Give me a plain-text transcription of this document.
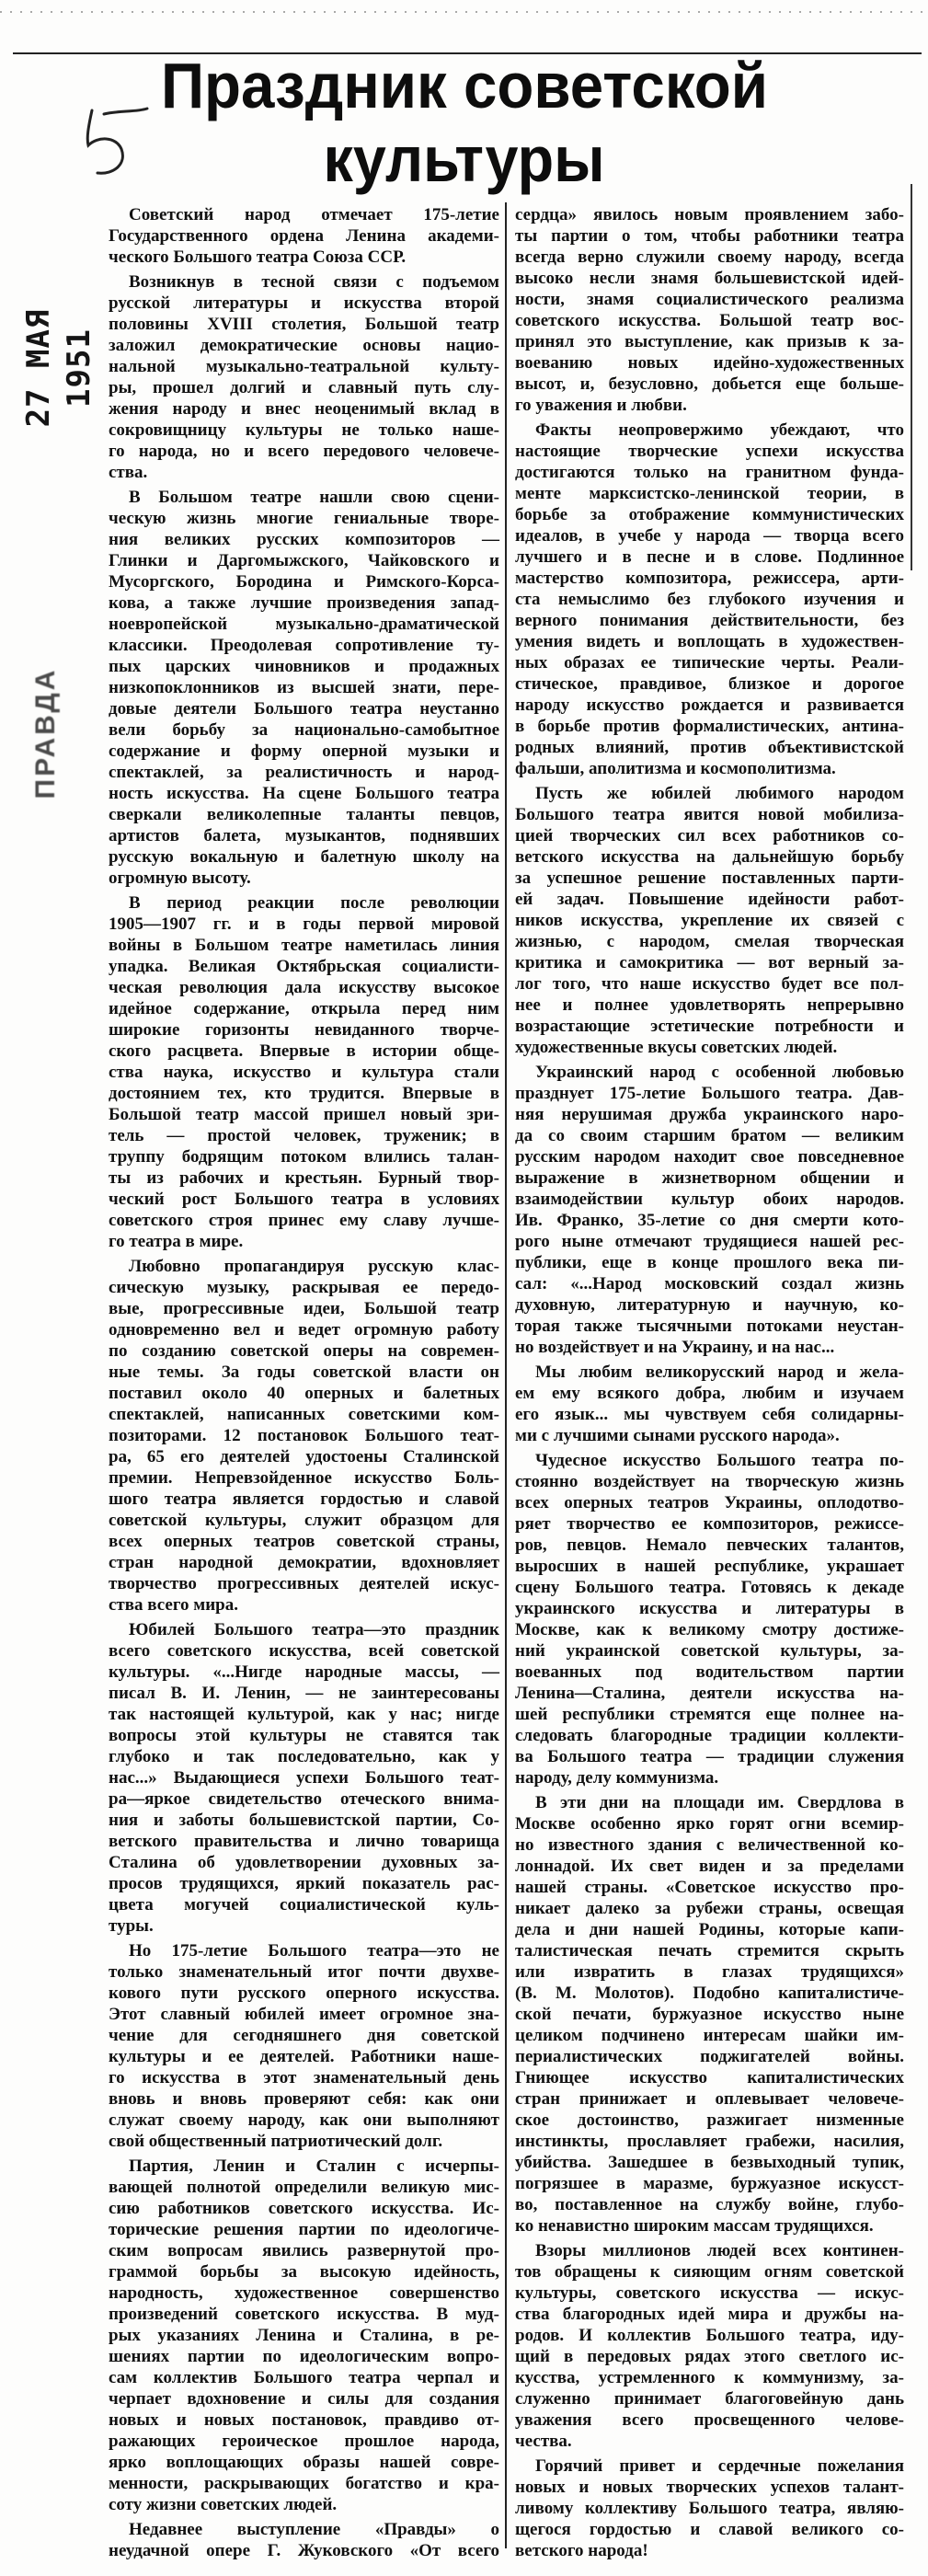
27 МАЯ 1951
ПРАВДА
Праздник советской
культуры
Советский народ отмечает 175-летие
Государственного ордена Ленина академи-
ческого Большого театра Союза ССР.
Возникнув в тесной связи с подъемом
русской литературы и искусства второй
половины XVIII столетия, Большой театр
заложил демократические основы нацио-
нальной музыкально-театральной культу-
ры, прошел долгий и славный путь слу-
жения народу и внес неоценимый вклад в
сокровищницу культуры не только наше-
го народа, но и всего передового человече-
ства.
В Большом театре нашли свою сцени-
ческую жизнь многие гениальные творе-
ния великих русских композиторов —
Глинки и Даргомыжского, Чайковского и
Мусоргского, Бородина и Римского-Корса-
кова, а также лучшие произведения запад-
ноевропейской музыкально-драматической
классики. Преодолевая сопротивление ту-
пых царских чиновников и продажных
низкопоклонников из высшей знати, пере-
довые деятели Большого театра неустанно
вели борьбу за национально-самобытное
содержание и форму оперной музыки и
спектаклей, за реалистичность и народ-
ность искусства. На сцене Большого театра
сверкали великолепные таланты певцов,
артистов балета, музыкантов, поднявших
русскую вокальную и балетную школу на
огромную высоту.
В период реакции после революции
1905—1907 гг. и в годы первой мировой
войны в Большом театре наметилась линия
упадка. Великая Октябрьская социалисти-
ческая революция дала искусству высокое
идейное содержание, открыла перед ним
широкие горизонты невиданного творче-
ского расцвета. Впервые в истории обще-
ства наука, искусство и культура стали
достоянием тех, кто трудится. Впервые в
Большой театр массой пришел новый зри-
тель — простой человек, труженик; в
труппу бодрящим потоком влились талан-
ты из рабочих и крестьян. Бурный твор-
ческий рост Большого театра в условиях
советского строя принес ему славу лучше-
го театра в мире.
Любовно пропагандируя русскую клас-
сическую музыку, раскрывая ее передо-
вые, прогрессивные идеи, Большой театр
одновременно вел и ведет огромную работу
по созданию советской оперы на современ-
ные темы. За годы советской власти он
поставил около 40 оперных и балетных
спектаклей, написанных советскими ком-
позиторами. 12 постановок Большого теат-
ра, 65 его деятелей удостоены Сталинской
премии. Непревзойденное искусство Боль-
шого театра является гордостью и славой
советской культуры, служит образцом для
всех оперных театров советской страны,
стран народной демократии, вдохновляет
творчество прогрессивных деятелей искус-
ства всего мира.
Юбилей Большого театра—это праздник
всего советского искусства, всей советской
культуры. «...Нигде народные массы, —
писал В. И. Ленин, — не заинтересованы
так настоящей культурой, как у нас; нигде
вопросы этой культуры не ставятся так
глубоко и так последовательно, как у
нас...» Выдающиеся успехи Большого теат-
ра—яркое свидетельство отеческого внима-
ния и заботы большевистской партии, Со-
ветского правительства и лично товарища
Сталина об удовлетворении духовных за-
просов трудящихся, яркий показатель рас-
цвета могучей социалистической куль-
туры.
Но 175-летие Большого театра—это не
только знаменательный итог почти двухве-
кового пути русского оперного искусства.
Этот славный юбилей имеет огромное зна-
чение для сегодняшнего дня советской
культуры и ее деятелей. Работники наше-
го искусства в этот знаменательный день
вновь и вновь проверяют себя: как они
служат своему народу, как они выполняют
свой общественный патриотический долг.
Партия, Ленин и Сталин с исчерпы-
вающей полнотой определили великую мис-
сию работников советского искусства. Ис-
торические решения партии по идеологиче-
ским вопросам явились развернутой про-
граммой борьбы за высокую идейность,
народность, художественное совершенство
произведений советского искусства. В муд-
рых указаниях Ленина и Сталина, в ре-
шениях партии по идеологическим вопро-
сам коллектив Большого театра черпал и
черпает вдохновение и силы для создания
новых и новых постановок, правдиво от-
ражающих героическое прошлое народа,
ярко воплощающих образы нашей совре-
менности, раскрывающих богатство и кра-
соту жизни советских людей.
Недавнее выступление «Правды» о
неудачной опере Г. Жуковского «От всего
сердца» явилось новым проявлением забо-
ты партии о том, чтобы работники театра
всегда верно служили своему народу, всегда
высоко несли знамя большевистской идей-
ности, знамя социалистического реализма
советского искусства. Большой театр вос-
принял это выступление, как призыв к за-
воеванию новых идейно-художественных
высот, и, безусловно, добьется еще больше-
го уважения и любви.
Факты неопровержимо убеждают, что
настоящие творческие успехи искусства
достигаются только на гранитном фунда-
менте марксистско-ленинской теории, в
борьбе за отображение коммунистических
идеалов, в учебе у народа — творца всего
лучшего и в песне и в слове. Подлинное
мастерство композитора, режиссера, арти-
ста немыслимо без глубокого изучения и
верного понимания действительности, без
умения видеть и воплощать в художествен-
ных образах ее типические черты. Реали-
стическое, правдивое, близкое и дорогое
народу искусство рождается и развивается
в борьбе против формалистических, антина-
родных влияний, против объективистской
фальши, аполитизма и космополитизма.
Пусть же юбилей любимого народом
Большого театра явится новой мобилиза-
цией творческих сил всех работников со-
ветского искусства на дальнейшую борьбу
за успешное решение поставленных парти-
ей задач. Повышение идейности работ-
ников искусства, укрепление их связей с
жизнью, с народом, смелая творческая
критика и самокритика — вот верный за-
лог того, что наше искусство будет все пол-
нее и полнее удовлетворять непрерывно
возрастающие эстетические потребности и
художественные вкусы советских людей.
Украинский народ с особенной любовью
празднует 175-летие Большого театра. Дав-
няя нерушимая дружба украинского наро-
да со своим старшим братом — великим
русским народом находит свое повседневное
выражение в жизнетворном общении и
взаимодействии культур обоих народов.
Ив. Франко, 35-летие со дня смерти кото-
рого ныне отмечают трудящиеся нашей рес-
публики, еще в конце прошлого века пи-
сал: «...Народ московский создал жизнь
духовную, литературную и научную, ко-
торая также тысячными потоками неустан-
но воздействует и на Украину, и на нас...
Мы любим великорусский народ и жела-
ем ему всякого добра, любим и изучаем
его язык... мы чувствуем себя солидарны-
ми с лучшими сынами русского народа».
Чудесное искусство Большого театра по-
стоянно воздействует на творческую жизнь
всех оперных театров Украины, оплодотво-
ряет творчество ее композиторов, режиссе-
ров, певцов. Немало певческих талантов,
выросших в нашей республике, украшает
сцену Большого театра. Готовясь к декаде
украинского искусства и литературы в
Москве, как к великому смотру достиже-
ний украинской советской культуры, за-
воеванных под водительством партии
Ленина—Сталина, деятели искусства на-
шей республики стремятся еще полнее на-
следовать благородные традиции коллекти-
ва Большого театра — традиции служения
народу, делу коммунизма.
В эти дни на площади им. Свердлова в
Москве особенно ярко горят огни всемир-
но известного здания с величественной ко-
лоннадой. Их свет виден и за пределами
нашей страны. «Советское искусство про-
никает далеко за рубежи страны, освещая
дела и дни нашей Родины, которые капи-
талистическая печать стремится скрыть
или извратить в глазах трудящихся»
(В. М. Молотов). Подобно капиталистиче-
ской печати, буржуазное искусство ныне
целиком подчинено интересам шайки им-
периалистических поджигателей войны.
Гниющее искусство капиталистических
стран принижает и оплевывает человече-
ское достоинство, разжигает низменные
инстинкты, прославляет грабежи, насилия,
убийства. Зашедшее в безвыходный тупик,
погрязшее в маразме, буржуазное искусст-
во, поставленное на службу войне, глубо-
ко ненавистно широким массам трудящихся.
Взоры миллионов людей всех континен-
тов обращены к сияющим огням советской
культуры, советского искусства — искус-
ства благородных идей мира и дружбы на-
родов. И коллектив Большого театра, иду-
щий в передовых рядах этого светлого ис-
кусства, устремленного к коммунизму, за-
служенно принимает благоговейную дань
уважения всего просвещенного челове-
чества.
Горячий привет и сердечные пожелания
новых и новых творческих успехов талант-
ливому коллективу Большого театра, являю-
щегося гордостью и славой великого со-
ветского народа!
